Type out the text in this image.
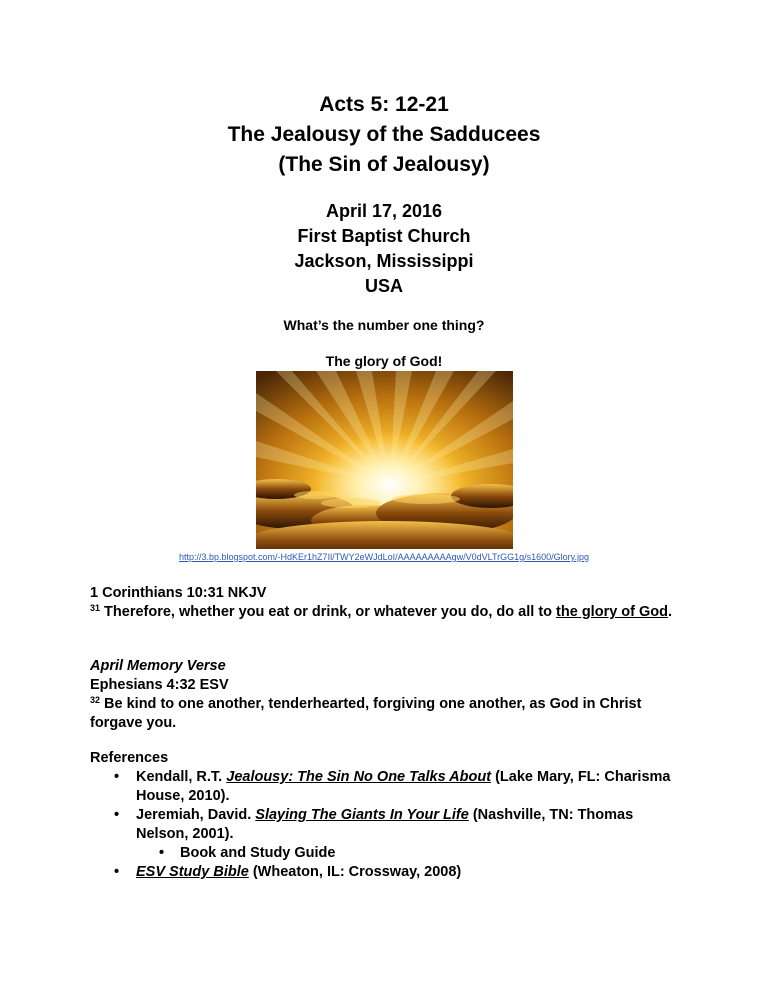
Acts 5: 12-21
The Jealousy of the Sadducees
(The Sin of Jealousy)
April 17, 2016
First Baptist Church
Jackson, Mississippi
USA
What’s the number one thing?
The glory of God!
http://3.bp.blogspot.com/-HdKEr1hZ7Il/TWY2eWJdLoI/AAAAAAAAAgw/V0dVLTrGG1g/s1600/Glory.jpg

1 Corinthians 10:31 NKJV

$^{31}$ Therefore, whether you eat or drink, or whatever you do, do all to the glory of God.

April Memory Verse

Ephesians 4:32 ESV

$^{32}$ Be kind to one another, tenderhearted, forgiving one another, as God in Christ forgave you.

References

• Kendall, R.T. Jealousy: The Sin No One Talks About (Lake Mary, FL: Charisma House, 2010).
• Jeremiah, David. Slaying The Giants In Your Life (Nashville, TN: Thomas Nelson, 2001).
• Book and Study Guide
• ESV Study Bible (Wheaton, IL: Crossway, 2008)
